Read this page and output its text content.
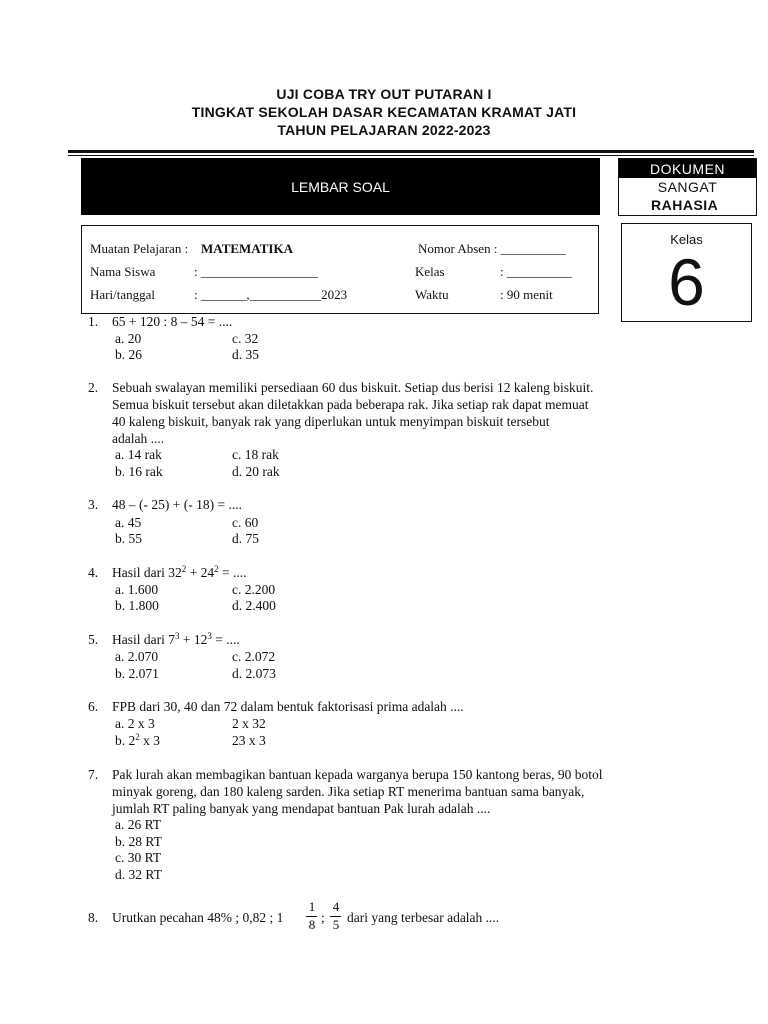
UJI COBA TRY OUT PUTARAN I
TINGKAT SEKOLAH DASAR KECAMATAN KRAMAT JATI
TAHUN PELAJARAN 2022-2023
LEMBAR SOAL
DOKUMEN
SANGAT
RAHASIA
Kelas
6
Muatan Pelajaran : MATEMATIKA	Nomor Absen : __________
Nama Siswa	: __________________	Kelas	: __________
Hari/tanggal	: _______,___________2023	Waktu	: 90 menit
1. 65 + 120 : 8 – 54 = ....
a. 20	c. 32
b. 26	d. 35
2. Sebuah swalayan memiliki persediaan 60 dus biskuit. Setiap dus berisi 12 kaleng biskuit.
Semua biskuit tersebut akan diletakkan pada beberapa rak. Jika setiap rak dapat memuat
40 kaleng biskuit, banyak rak yang diperlukan untuk menyimpan biskuit tersebut
adalah ....
a. 14 rak	c. 18 rak
b. 16 rak	d. 20 rak
3. 48 – (- 25) + (- 18) = ....
a. 45	c. 60
b. 55	d. 75
4. Hasil dari $32^2 + 24^2$ = ....
a. 1.600	c. 2.200
b. 1.800	d. 2.400
5. Hasil dari $7^3 + 12^3$ = ....
a. 2.070	c. 2.072
b. 2.071	d. 2.073
6. FPB dari 30, 40 dan 72 dalam bentuk faktorisasi prima adalah ....
a. 2 x 3	2 x 32
b. $2^2$ x 3	23 x 3
7. Pak lurah akan membagikan bantuan kepada warganya berupa 150 kantong beras, 90 botol
minyak goreng, dan 180 kaleng sarden. Jika setiap RT menerima bantuan sama banyak,
jumlah RT paling banyak yang mendapat bantuan Pak lurah adalah ....
a. 26 RT
b. 28 RT
c. 30 RT
d. 32 RT
8. Urutkan pecahan 48% ; 0,82 ; 1
1
8 ;
4
5 dari yang terbesar adalah ....
